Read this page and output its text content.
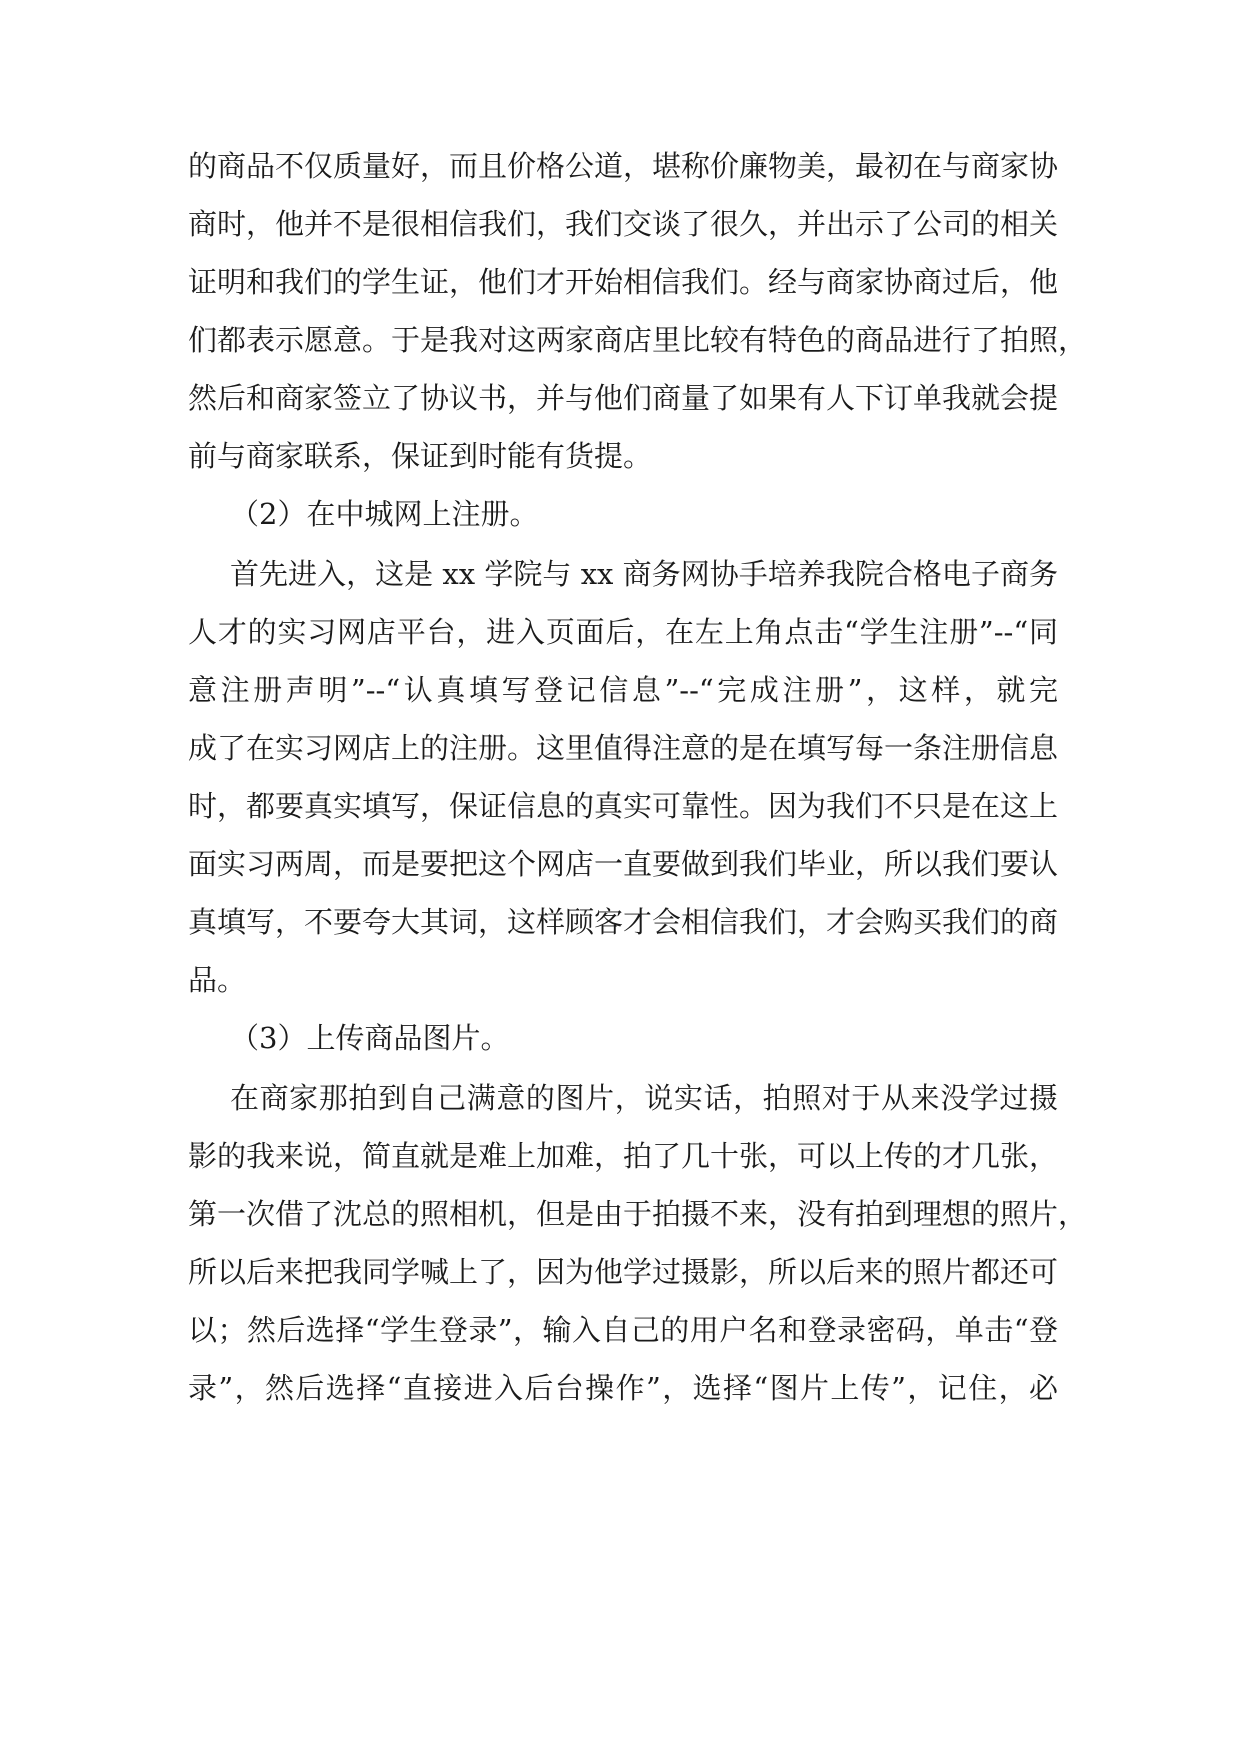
的商品不仅质量好，而且价格公道，堪称价廉物美，最初在与商家协
商时，他并不是很相信我们，我们交谈了很久，并出示了公司的相关
证明和我们的学生证，他们才开始相信我们。经与商家协商过后，他
们都表示愿意。于是我对这两家商店里比较有特色的商品进行了拍照，
然后和商家签立了协议书，并与他们商量了如果有人下订单我就会提
前与商家联系，保证到时能有货提。
（2）在中城网上注册。
首先进入，这是 xx 学院与 xx 商务网协手培养我院合格电子商务
人才的实习网店平台，进入页面后，在左上角点击“学生注册”--“同
意注册声明”--“认真填写登记信息”--“完成注册”，这样，就完
成了在实习网店上的注册。这里值得注意的是在填写每一条注册信息
时，都要真实填写，保证信息的真实可靠性。因为我们不只是在这上
面实习两周，而是要把这个网店一直要做到我们毕业，所以我们要认
真填写，不要夸大其词，这样顾客才会相信我们，才会购买我们的商
品。
（3）上传商品图片。
在商家那拍到自己满意的图片，说实话，拍照对于从来没学过摄
影的我来说，简直就是难上加难，拍了几十张，可以上传的才几张，
第一次借了沈总的照相机，但是由于拍摄不来，没有拍到理想的照片，
所以后来把我同学喊上了，因为他学过摄影，所以后来的照片都还可
以；然后选择“学生登录”，输入自己的用户名和登录密码，单击“登
录”，然后选择“直接进入后台操作”，选择“图片上传”，记住，必
